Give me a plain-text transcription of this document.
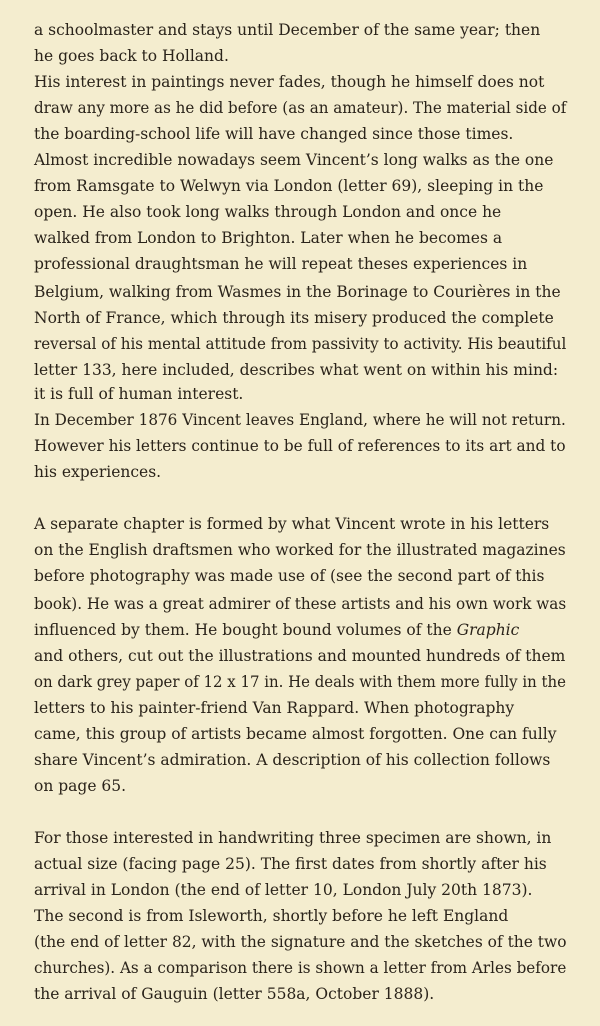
a schoolmaster and stays until December of the same year; then
he goes back to Holland.
His interest in paintings never fades, though he himself does not
draw any more as he did before (as an amateur). The material side of
the boarding-school life will have changed since those times.
Almost incredible nowadays seem Vincent’s long walks as the one
from Ramsgate to Welwyn via London (letter 69), sleeping in the
open. He also took long walks through London and once he
walked from London to Brighton. Later when he becomes a
professional draughtsman he will repeat theses experiences in
Belgium, walking from Wasmes in the Borinage to Courières in the
North of France, which through its misery produced the complete
reversal of his mental attitude from passivity to activity. His beautiful
letter 133, here included, describes what went on within his mind:
it is full of human interest.
In December 1876 Vincent leaves England, where he will not return.
However his letters continue to be full of references to its art and to
his experiences.
A separate chapter is formed by what Vincent wrote in his letters
on the English draftsmen who worked for the illustrated magazines
before photography was made use of (see the second part of this
book). He was a great admirer of these artists and his own work was
influenced by them. He bought bound volumes of the Graphic
and others, cut out the illustrations and mounted hundreds of them
on dark grey paper of 12 x 17 in. He deals with them more fully in the
letters to his painter-friend Van Rappard. When photography
came, this group of artists became almost forgotten. One can fully
share Vincent’s admiration. A description of his collection follows
on page 65.
For those interested in handwriting three specimen are shown, in
actual size (facing page 25). The first dates from shortly after his
arrival in London (the end of letter 10, London July 20th 1873).
The second is from Isleworth, shortly before he left England
(the end of letter 82, with the signature and the sketches of the two
churches). As a comparison there is shown a letter from Arles before
the arrival of Gauguin (letter 558a, October 1888).
